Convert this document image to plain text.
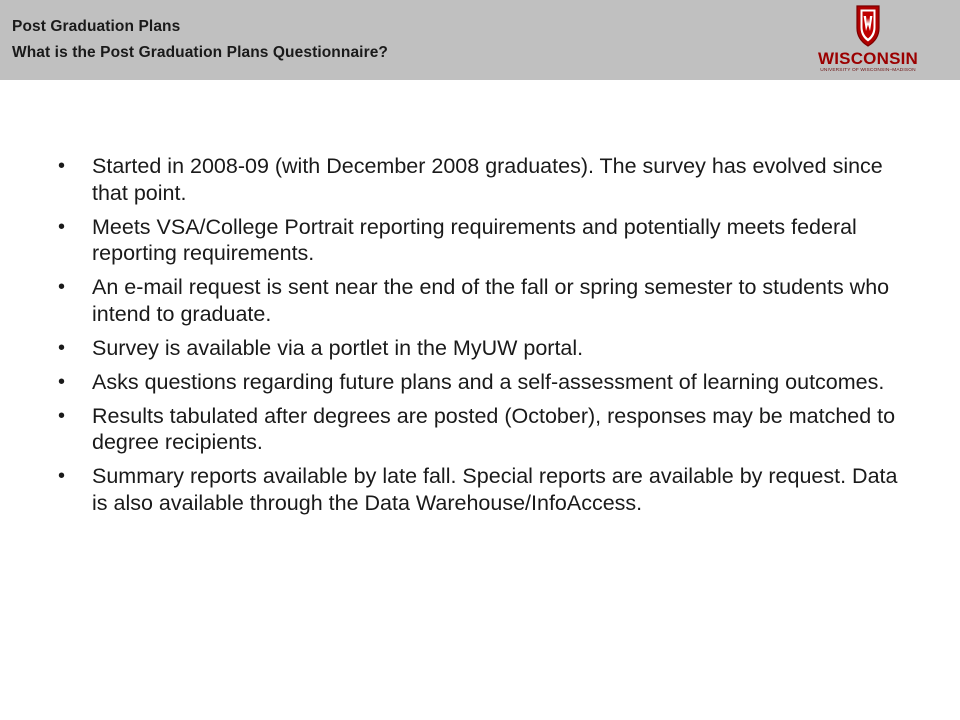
Post Graduation Plans
What is the Post Graduation Plans Questionnaire?	WISCONSIN
UNIVERSITY OF WISCONSIN–MADISON
• Started in 2008-09 (with December 2008 graduates). The survey has evolved since that point.
• Meets VSA/College Portrait reporting requirements and potentially meets federal reporting requirements.
• An e-mail request is sent near the end of the fall or spring semester to students who intend to graduate.
• Survey is available via a portlet in the MyUW portal.
• Asks questions regarding future plans and a self-assessment of learning outcomes.
• Results tabulated after degrees are posted (October), responses may be matched to degree recipients.
• Summary reports available by late fall. Special reports are available by request. Data is also available through the Data Warehouse/InfoAccess.
